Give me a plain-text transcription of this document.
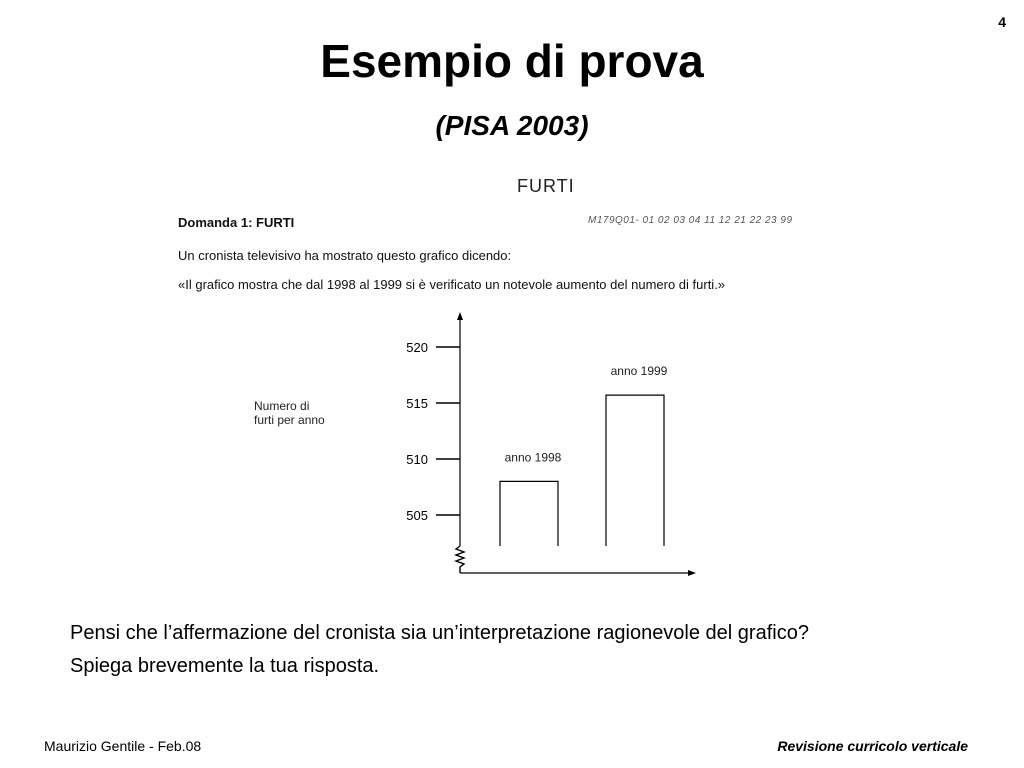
4
Esempio di prova
(PISA 2003)
FURTI
Domanda 1: FURTI	M179Q01- 01 02 03 04 11 12 21 22 23 99
Un cronista televisivo ha mostrato questo grafico dicendo:
«Il grafico mostra che dal 1998 al 1999 si è verificato un notevole aumento del numero di furti.»
Numero di
furti per anno
505
510
515
520
anno 1998
anno 1999
Pensi che l’affermazione del cronista sia un’interpretazione ragionevole del grafico?
Spiega brevemente la tua risposta.
Maurizio Gentile - Feb.08	Revisione curricolo verticale
